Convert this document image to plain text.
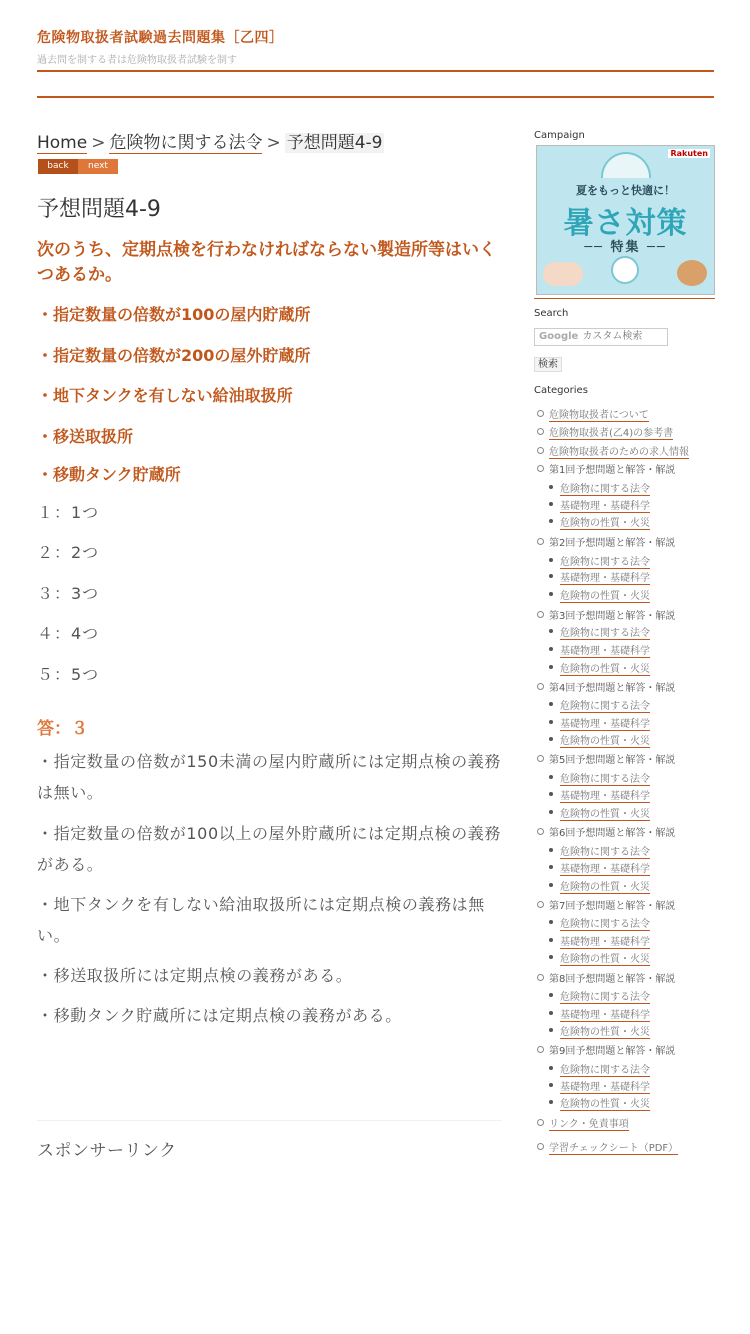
危険物取扱者試験過去問題集［乙四］
過去問を制する者は危険物取扱者試験を制す
Home > 危険物に関する法令 > 予想問題4-9
back	next
予想問題4-9
次のうち、定期点検を行わなければならない製造所等はいくつあるか。
・指定数量の倍数が100の屋内貯蔵所
・指定数量の倍数が200の屋外貯蔵所
・地下タンクを有しない給油取扱所
・移送取扱所
・移動タンク貯蔵所
１：1つ
２：2つ
３：3つ
４：4つ
５：5つ
答：３
・指定数量の倍数が150未満の屋内貯蔵所には定期点検の義務は無い。
・指定数量の倍数が100以上の屋外貯蔵所には定期点検の義務がある。
・地下タンクを有しない給油取扱所には定期点検の義務は無い。
・移送取扱所には定期点検の義務がある。
・移動タンク貯蔵所には定期点検の義務がある。
スポンサーリンク
Campaign
Rakuten
夏をもっと快適に！
暑さ対策
── 特集 ──
Search
Google カスタム検索
検索
Categories
危険物取扱者について
危険物取扱者(乙4)の参考書
危険物取扱者のための求人情報
第1回予想問題と解答・解説
危険物に関する法令
基礎物理・基礎科学
危険物の性質・火災
第2回予想問題と解答・解説
危険物に関する法令
基礎物理・基礎科学
危険物の性質・火災
第3回予想問題と解答・解説
危険物に関する法令
基礎物理・基礎科学
危険物の性質・火災
第4回予想問題と解答・解説
危険物に関する法令
基礎物理・基礎科学
危険物の性質・火災
第5回予想問題と解答・解説
危険物に関する法令
基礎物理・基礎科学
危険物の性質・火災
第6回予想問題と解答・解説
危険物に関する法令
基礎物理・基礎科学
危険物の性質・火災
第7回予想問題と解答・解説
危険物に関する法令
基礎物理・基礎科学
危険物の性質・火災
第8回予想問題と解答・解説
危険物に関する法令
基礎物理・基礎科学
危険物の性質・火災
第9回予想問題と解答・解説
危険物に関する法令
基礎物理・基礎科学
危険物の性質・火災
リンク・免責事項
学習チェックシート（PDF）
